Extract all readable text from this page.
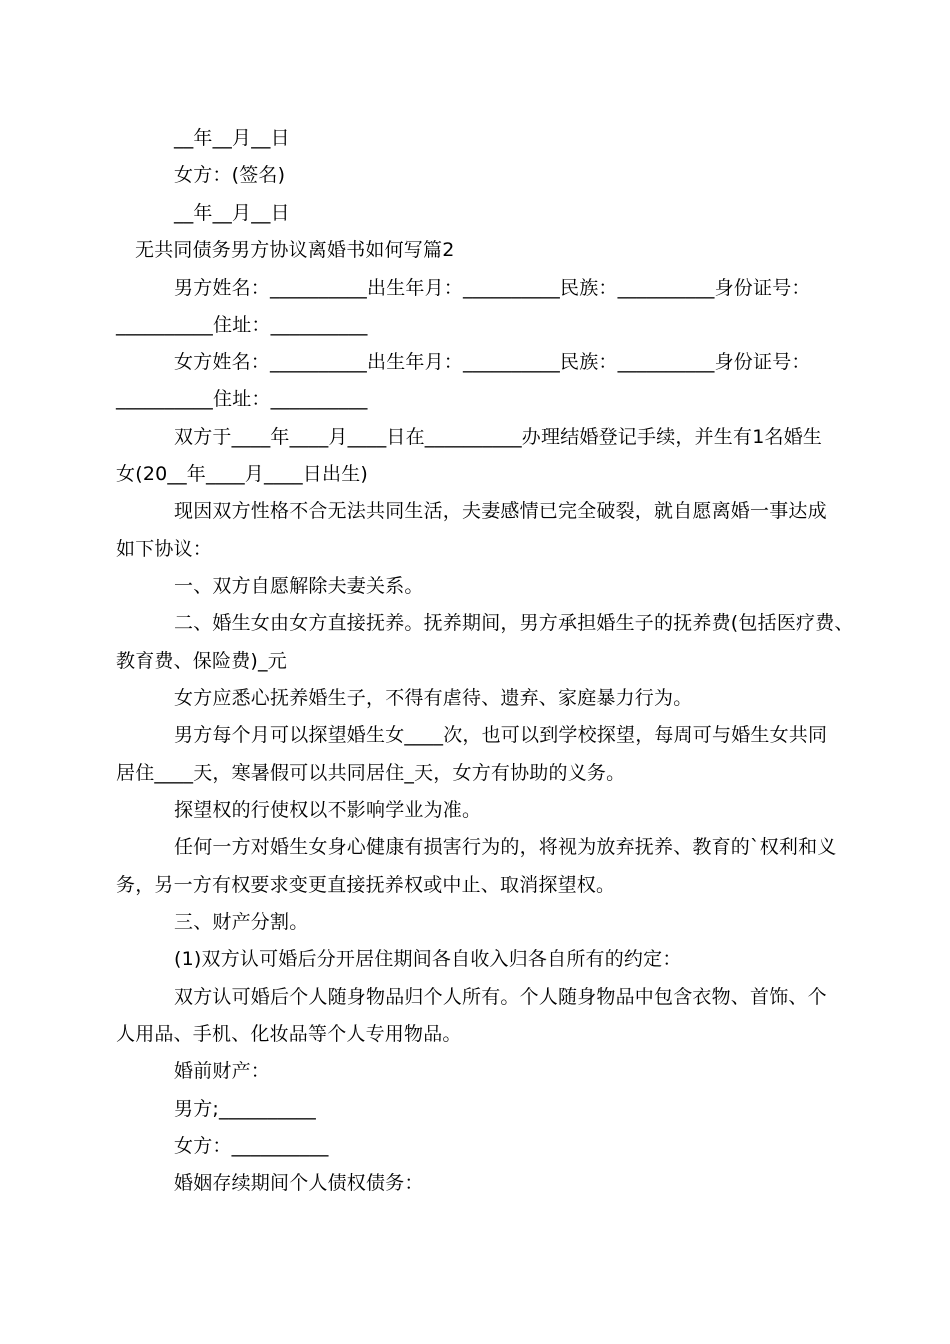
__年__月__日
女方：(签名)
__年__月__日
无共同债务男方协议离婚书如何写篇2
男方姓名：__________出生年月：__________民族：__________身份证号：
__________住址：__________
女方姓名：__________出生年月：__________民族：__________身份证号：
__________住址：__________
双方于____年____月____日在__________办理结婚登记手续，并生有1名婚生
女(20__年____月____日出生)
现因双方性格不合无法共同生活，夫妻感情已完全破裂，就自愿离婚一事达成
如下协议：
一、双方自愿解除夫妻关系。
二、婚生女由女方直接抚养。抚养期间，男方承担婚生子的抚养费(包括医疗费、
教育费、保险费)_元
女方应悉心抚养婚生子，不得有虐待、遗弃、家庭暴力行为。
男方每个月可以探望婚生女____次，也可以到学校探望，每周可与婚生女共同
居住____天，寒暑假可以共同居住_天，女方有协助的义务。
探望权的行使权以不影响学业为准。
任何一方对婚生女身心健康有损害行为的，将视为放弃抚养、教育的`权利和义
务，另一方有权要求变更直接抚养权或中止、取消探望权。
三、财产分割。
(1)双方认可婚后分开居住期间各自收入归各自所有的约定：
双方认可婚后个人随身物品归个人所有。个人随身物品中包含衣物、首饰、个
人用品、手机、化妆品等个人专用物品。
婚前财产：
男方;__________
女方：__________
婚姻存续期间个人债权债务：
